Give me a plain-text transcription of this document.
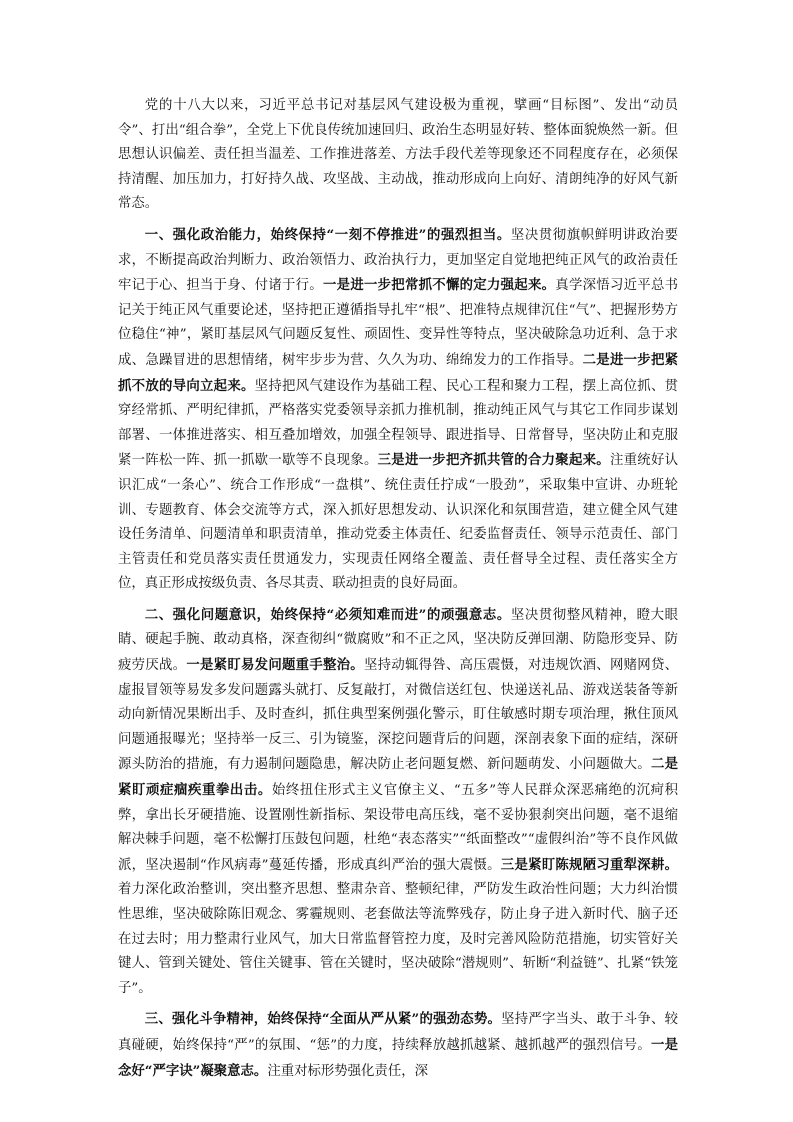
党的十八大以来，习近平总书记对基层风气建设极为重视，擘画“目标图”、发出“动员令”、打出“组合拳”，全党上下优良传统加速回归、政治生态明显好转、整体面貌焕然一新。但思想认识偏差、责任担当温差、工作推进落差、方法手段代差等现象还不同程度存在，必须保持清醒、加压加力，打好持久战、攻坚战、主动战，推动形成向上向好、清朗纯净的好风气新常态。

一、强化政治能力，始终保持“一刻不停推进”的强烈担当。坚决贯彻旗帜鲜明讲政治要求，不断提高政治判断力、政治领悟力、政治执行力，更加坚定自觉地把纯正风气的政治责任牢记于心、担当于身、付诸于行。一是进一步把常抓不懈的定力强起来。真学深悟习近平总书记关于纯正风气重要论述，坚持把正遵循指导扎牢“根”、把准特点规律沉住“气”、把握形势方位稳住“神”，紧盯基层风气问题反复性、顽固性、变异性等特点，坚决破除急功近利、急于求成、急躁冒进的思想情绪，树牢步步为营、久久为功、绵绵发力的工作指导。二是进一步把紧抓不放的导向立起来。坚持把风气建设作为基础工程、民心工程和聚力工程，摆上高位抓、贯穿经常抓、严明纪律抓，严格落实党委领导亲抓力推机制，推动纯正风气与其它工作同步谋划部署、一体推进落实、相互叠加增效，加强全程领导、跟进指导、日常督导，坚决防止和克服紧一阵松一阵、抓一抓歇一歇等不良现象。三是进一步把齐抓共管的合力聚起来。注重统好认识汇成“一条心”、统合工作形成“一盘棋”、统住责任拧成“一股劲”，采取集中宣讲、办班轮训、专题教育、体会交流等方式，深入抓好思想发动、认识深化和氛围营造，建立健全风气建设任务清单、问题清单和职责清单，推动党委主体责任、纪委监督责任、领导示范责任、部门主管责任和党员落实责任贯通发力，实现责任网络全覆盖、责任督导全过程、责任落实全方位，真正形成按级负责、各尽其责、联动担责的良好局面。

二、强化问题意识，始终保持“必须知难而进”的顽强意志。坚决贯彻整风精神，瞪大眼睛、硬起手腕、敢动真格，深查彻纠“微腐败”和不正之风，坚决防反弹回潮、防隐形变异、防疲劳厌战。一是紧盯易发问题重手整治。坚持动辄得咎、高压震慑，对违规饮酒、网赌网贷、虚报冒领等易发多发问题露头就打、反复敲打，对微信送红包、快递送礼品、游戏送装备等新动向新情况果断出手、及时查纠，抓住典型案例强化警示，盯住敏感时期专项治理，揪住顶风问题通报曝光；坚持举一反三、引为镜鉴，深挖问题背后的问题，深剖表象下面的症结，深研源头防治的措施，有力遏制问题隐患，解决防止老问题复燃、新问题萌发、小问题做大。二是紧盯顽症痼疾重拳出击。始终扭住形式主义官僚主义、“五多”等人民群众深恶痛绝的沉疴积弊，拿出长牙硬措施、设置刚性新指标、架设带电高压线，毫不妥协狠刹突出问题，毫不退缩解决棘手问题，毫不松懈打压鼓包问题，杜绝“表态落实”“纸面整改”“虚假纠治”等不良作风做派，坚决遏制“作风病毒”蔓延传播，形成真纠严治的强大震慑。三是紧盯陈规陋习重犁深耕。着力深化政治整训，突出整齐思想、整肃杂音、整顿纪律，严防发生政治性问题；大力纠治惯性思维，坚决破除陈旧观念、雾霾规则、老套做法等流弊残存，防止身子进入新时代、脑子还在过去时；用力整肃行业风气，加大日常监督管控力度，及时完善风险防范措施，切实管好关键人、管到关键处、管住关键事、管在关键时，坚决破除“潜规则”、斩断“利益链”、扎紧“铁笼子”。

三、强化斗争精神，始终保持“全面从严从紧”的强劲态势。坚持严字当头、敢于斗争、较真碰硬，始终保持“严”的氛围、“惩”的力度，持续释放越抓越紧、越抓越严的强烈信号。一是念好“严字诀”凝聚意志。注重对标形势强化责任，深
